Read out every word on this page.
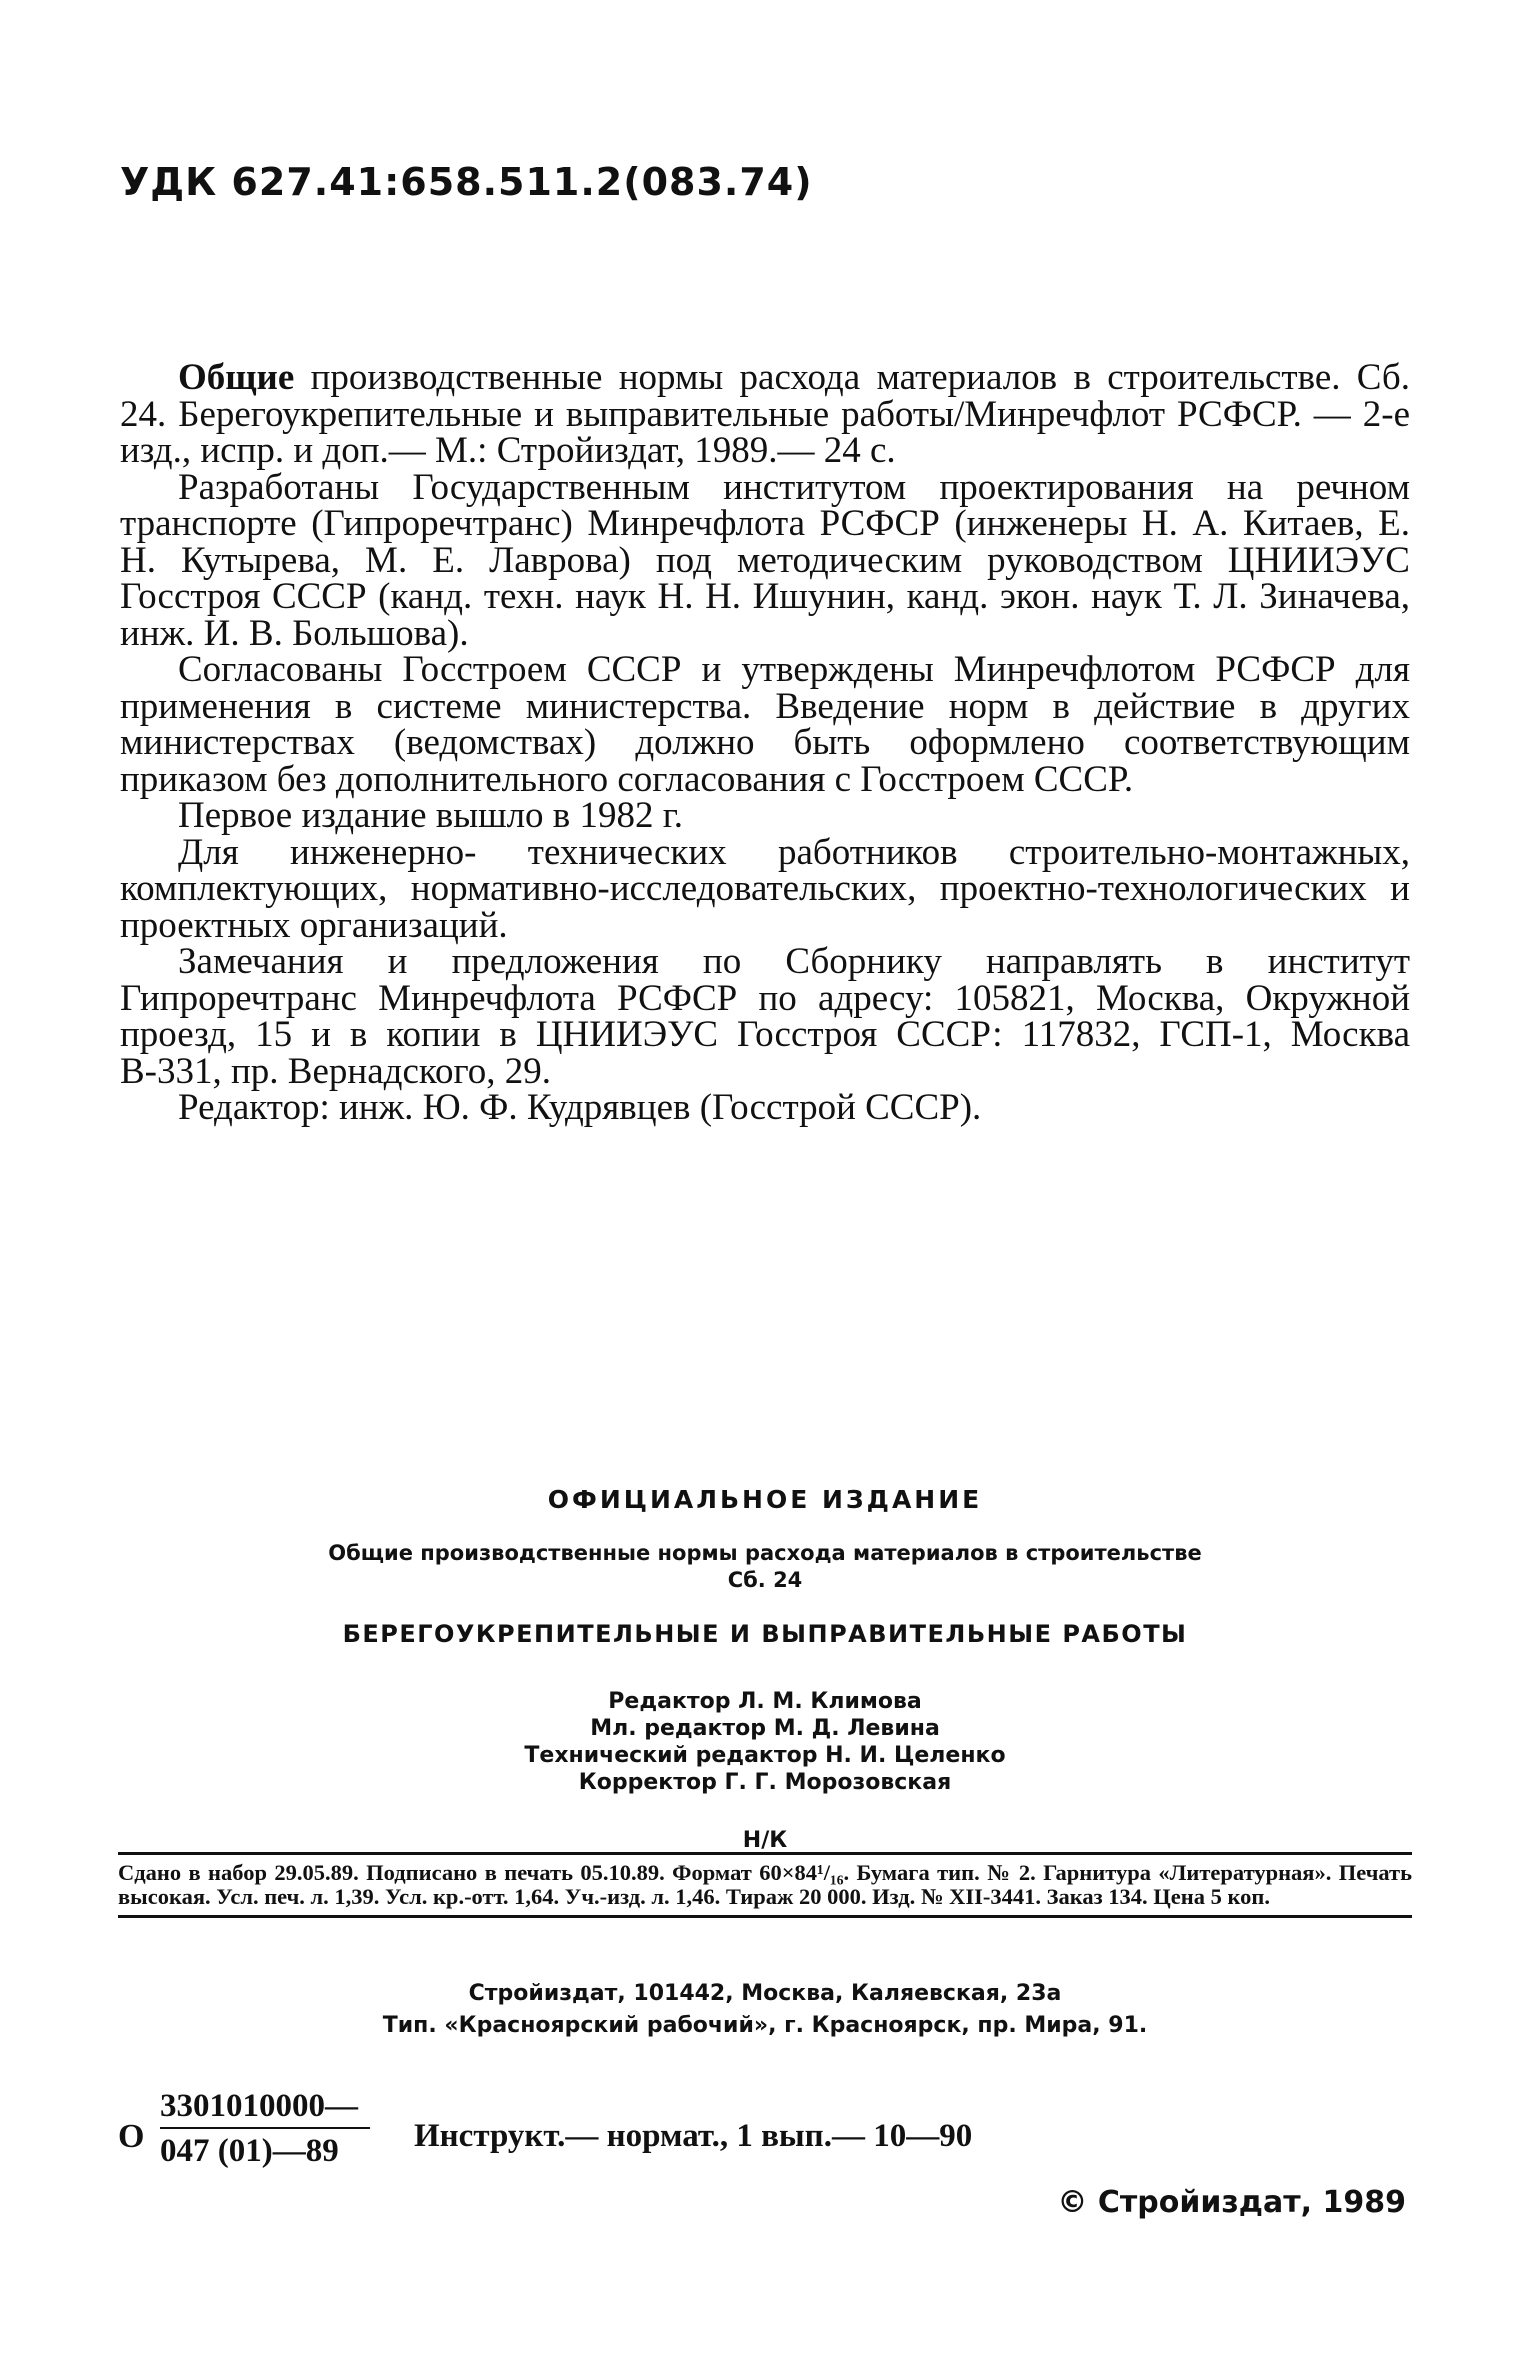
УДК 627.41:658.511.2(083.74)

Общие производственные нормы расхода материалов в строительстве. Сб. 24. Берегоукрепительные и выправительные работы/Минречфлот РСФСР. — 2-е изд., испр. и доп.— М.: Стройиздат, 1989.— 24 с.

Разработаны Государственным институтом проектирования на речном транспорте (Гипроречтранс) Минречфлота РСФСР (инженеры Н. А. Китаев, Е. Н. Кутырева, М. Е. Лаврова) под методическим руководством ЦНИИЭУС Госстроя СССР (канд. техн. наук Н. Н. Ишунин, канд. экон. наук Т. Л. Зиначева, инж. И. В. Большова).

Согласованы Госстроем СССР и утверждены Минречфлотом РСФСР для применения в системе министерства. Введение норм в действие в других министерствах (ведомствах) должно быть оформлено соответствующим приказом без дополнительного согласования с Госстроем СССР.

Первое издание вышло в 1982 г.

Для инженерно- технических работников строительно-монтажных, комплектующих, нормативно-исследовательских, проектно-технологических и проектных организаций.

Замечания и предложения по Сборнику направлять в институт Гипроречтранс Минречфлота РСФСР по адресу: 105821, Москва, Окружной проезд, 15 и в копии в ЦНИИЭУС Госстроя СССР: 117832, ГСП-1, Москва В-331, пр. Вернадского, 29.

Редактор: инж. Ю. Ф. Кудрявцев (Госстрой СССР).

ОФИЦИАЛЬНОЕ ИЗДАНИЕ
Общие производственные нормы расхода материалов в строительстве
Сб. 24
БЕРЕГОУКРЕПИТЕЛЬНЫЕ И ВЫПРАВИТЕЛЬНЫЕ РАБОТЫ
Редактор Л. М. Климова
Мл. редактор М. Д. Левина
Технический редактор Н. И. Целенко
Корректор Г. Г. Морозовская
Н/К
Сдано в набор 29.05.89. Подписано в печать 05.10.89. Формат 60×84¹/₁₆. Бумага тип. № 2. Гарнитура «Литературная». Печать высокая. Усл. печ. л. 1,39. Усл. кр.-отт. 1,64. Уч.-изд. л. 1,46. Тираж 20 000. Изд. № XII-3441. Заказ 134. Цена 5 коп.
Стройиздат, 101442, Москва, Каляевская, 23а
Тип. «Красноярский рабочий», г. Красноярск, пр. Мира, 91.
О $\frac{3301010000—}{047 (01)—89}$ Инструкт.— нормат., 1 вып.— 10—90
© Стройиздат, 1989
